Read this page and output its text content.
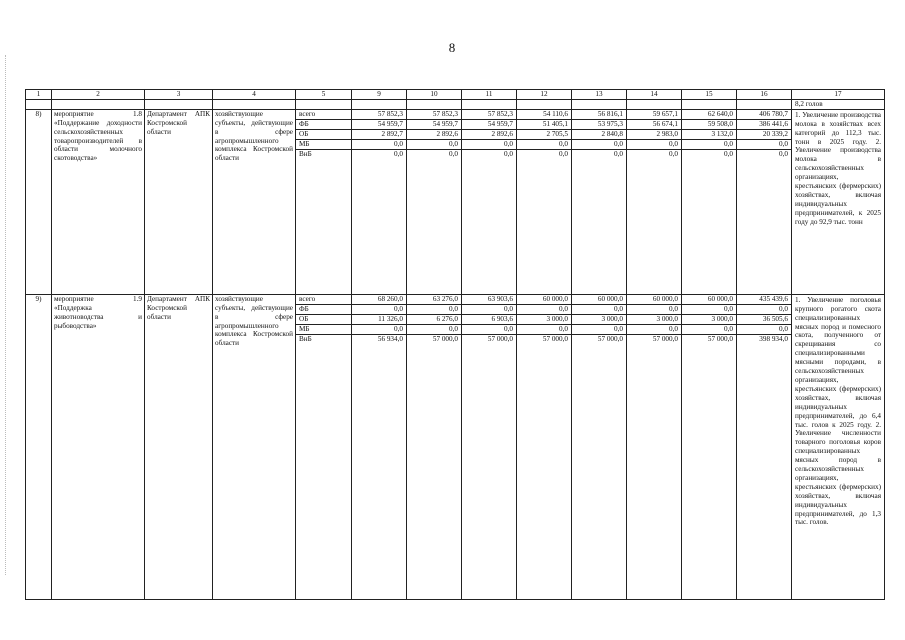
8
1	2	3	4	5	9	10	11	12	13	14	15	16	17
													8,2 голов
8)	мероприятие 1.8 «Поддержание доходности сельскохозяйственных товаропроизводителей в области молочного скотоводства»	Департамент АПК Костромской области	хозяйствующие субъекты, действующие в сфере агропромышленного комплекса Костромской области	всего	57 852,3	57 852,3	57 852,3	54 110,6	56 816,1	59 657,1	62 640,0	406 780,7	1. Увеличение производства молока в хозяйствах всех категорий до 112,3 тыс. тонн в 2025 году. 2. Увеличение производства молока в сельскохозяйственных организациях, крестьянских (фермерских) хозяйствах, включая индивидуальных предпринимателей, к 2025 году до 92,9 тыс. тонн
				ФБ	54 959,7	54 959,7	54 959,7	51 405,1	53 975,3	56 674,1	59 508,0	386 441,6	
				ОБ	2 892,7	2 892,6	2 892,6	2 705,5	2 840,8	2 983,0	3 132,0	20 339,2	
				МБ	0,0	0,0	0,0	0,0	0,0	0,0	0,0	0,0	
				ВнБ	0,0	0,0	0,0	0,0	0,0	0,0	0,0	0,0	
9)	мероприятие 1.9 «Поддержка животноводства и рыбоводства»	Департамент АПК Костромской области	хозяйствующие субъекты, действующие в сфере агропромышленного комплекса Костромской области	всего	68 260,0	63 276,0	63 903,6	60 000,0	60 000,0	60 000,0	60 000,0	435 439,6	1. Увеличение поголовья крупного рогатого скота специализированных мясных пород и помесного скота, полученного от скрещивания со специализированными мясными породами, в сельскохозяйственных организациях, крестьянских (фермерских) хозяйствах, включая индивидуальных предпринимателей, до 6,4 тыс. голов к 2025 году. 2. Увеличение численности товарного поголовья коров специализированных мясных пород в сельскохозяйственных организациях, крестьянских (фермерских) хозяйствах, включая индивидуальных предпринимателей, до 1,3 тыс. голов.
				ФБ	0,0	0,0	0,0	0,0	0,0	0,0	0,0	0,0	
				ОБ	11 326,0	6 276,0	6 903,6	3 000,0	3 000,0	3 000,0	3 000,0	36 505,6	
				МБ	0,0	0,0	0,0	0,0	0,0	0,0	0,0	0,0	
				ВнБ	56 934,0	57 000,0	57 000,0	57 000,0	57 000,0	57 000,0	57 000,0	398 934,0	
